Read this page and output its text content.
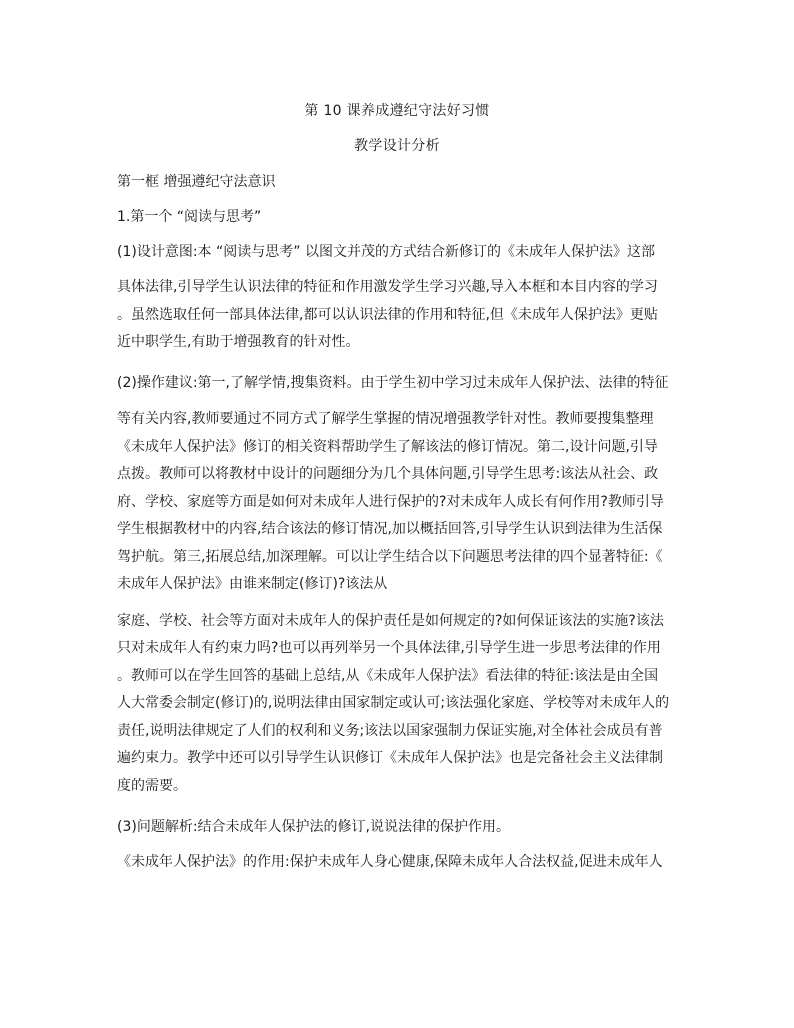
第 10 课养成遵纪守法好习惯
教学设计分析
第一框 增强遵纪守法意识
1.第一个 “阅读与思考”
(1)设计意图:本 “阅读与思考” 以图文并茂的方式结合新修订的《未成年人保护法》这部
具体法律,引导学生认识法律的特征和作用激发学生学习兴趣,导入本框和本目内容的学习
。虽然选取任何一部具体法律,都可以认识法律的作用和特征,但《未成年人保护法》更贴
近中职学生,有助于增强教育的针对性。
(2)操作建议:第一,了解学情,搜集资料。由于学生初中学习过未成年人保护法、法律的特征
等有关内容,教师要通过不同方式了解学生掌握的情况增强教学针对性。教师要搜集整理
《未成年人保护法》修订的相关资料帮助学生了解该法的修订情况。第二,设计问题,引导
点拨。教师可以将教材中设计的问题细分为几个具体问题,引导学生思考:该法从社会、政
府、学校、家庭等方面是如何对未成年人进行保护的?对未成年人成长有何作用?教师引导
学生根据教材中的内容,结合该法的修订情况,加以概括回答,引导学生认识到法律为生活保
驾护航。第三,拓展总结,加深理解。可以让学生结合以下问题思考法律的四个显著特征:《
未成年人保护法》由谁来制定(修订)?该法从
家庭、学校、社会等方面对未成年人的保护责任是如何规定的?如何保证该法的实施?该法
只对未成年人有约束力吗?也可以再列举另一个具体法律,引导学生进一步思考法律的作用
。教师可以在学生回答的基础上总结,从《未成年人保护法》看法律的特征:该法是由全国
人大常委会制定(修订)的,说明法律由国家制定或认可;该法强化家庭、学校等对未成年人的
责任,说明法律规定了人们的权利和义务;该法以国家强制力保证实施,对全体社会成员有普
遍约束力。教学中还可以引导学生认识修订《未成年人保护法》也是完备社会主义法律制
度的需要。
(3)问题解析:结合未成年人保护法的修订,说说法律的保护作用。
《未成年人保护法》的作用:保护未成年人身心健康,保障未成年人合法权益,促进未成年人
